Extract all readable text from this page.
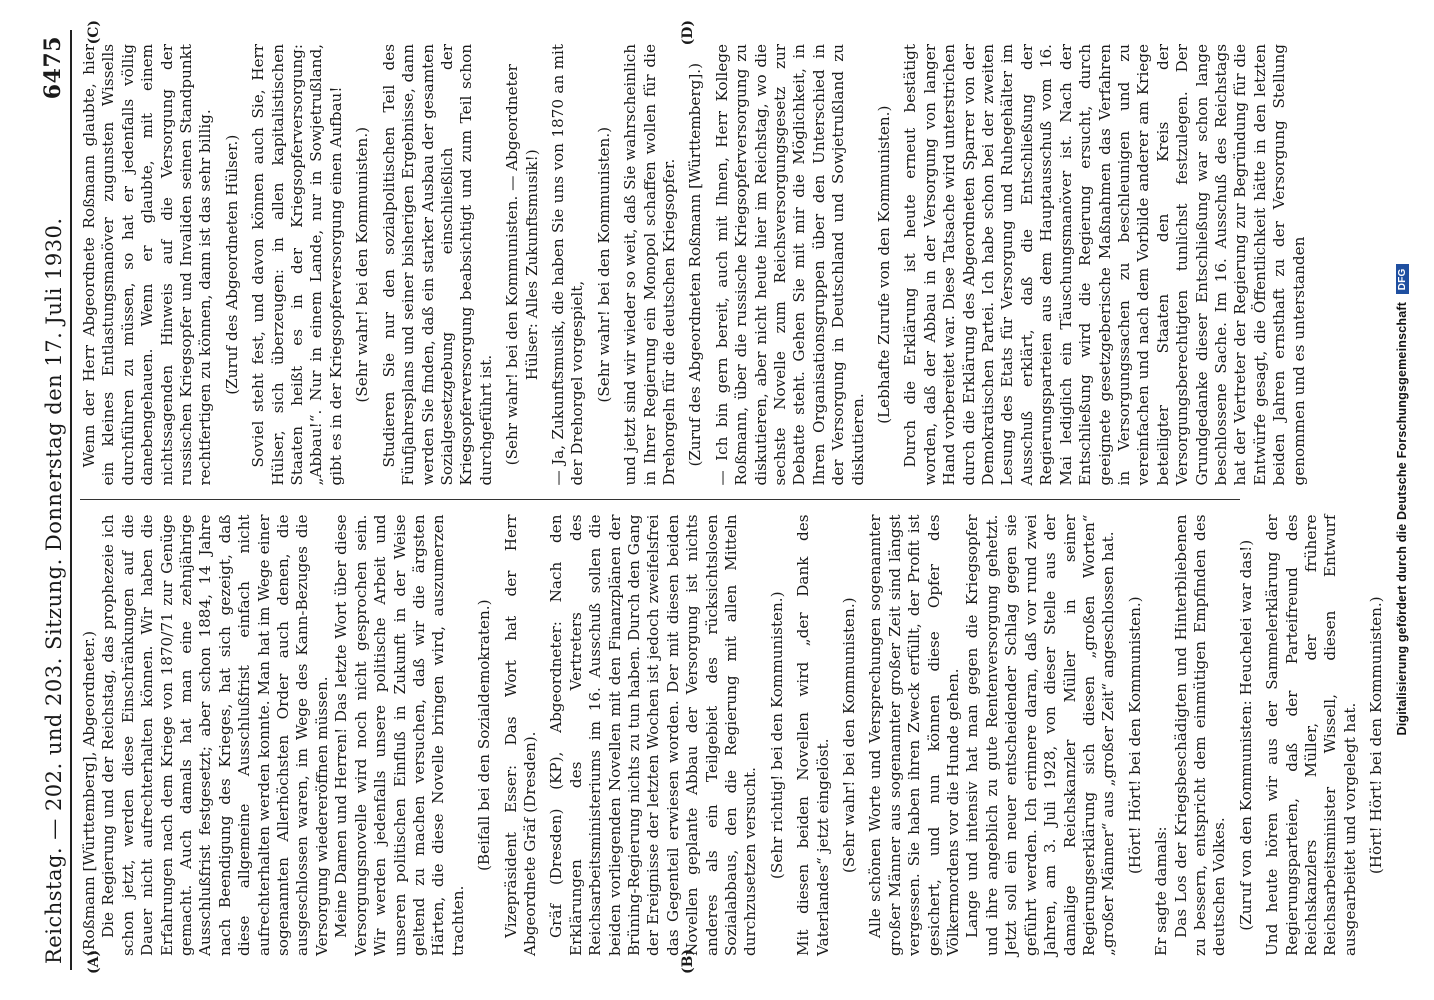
Reichstag. — 202. und 203. Sitzung. Donnerstag den 17. Juli 1930.
6475
(A)	(B)
(C)	(D)

(Roßmann [Württemberg], Abgeordneter.) Die Regierung und der Reichstag, das prophezeie ich schon jetzt, werden diese Einschränkungen auf die Dauer nicht aufrechterhalten können. Wir haben die Erfahrungen nach dem Kriege von 1870/71 zur Genüge gemacht. Auch damals hat man eine zehnjährige Ausschlußfrist festgesetzt; aber schon 1884, 14 Jahre nach Beendigung des Krieges, hat sich gezeigt, daß diese allgemeine Ausschlußfrist einfach nicht aufrechterhalten werden konnte. Man hat im Wege einer sogenannten Allerhöchsten Order auch denen, die ausgeschlossen waren, im Wege des Kann-Bezuges die Versorgung wiedereröffnen müssen. Meine Damen und Herren! Das letzte Wort über diese Versorgungsnovelle wird noch nicht gesprochen sein. Wir werden jedenfalls unsere politische Arbeit und unseren politischen Einfluß in Zukunft in der Weise geltend zu machen versuchen, daß wir die ärgsten Härten, die diese Novelle bringen wird, auszumerzen trachten.

(Beifall bei den Sozialdemokraten.) Vizepräsident Esser: Das Wort hat der Herr Abgeordnete Gräf (Dresden). Gräf (Dresden) (KP), Abgeordneter: Nach den Erklärungen des Vertreters des Reichsarbeitsministeriums im 16. Ausschuß sollen die beiden vorliegenden Novellen mit den Finanzplänen der Brüning-Regierung nichts zu tun haben. Durch den Gang der Ereignisse der letzten Wochen ist jedoch zweifelsfrei das Gegenteil erwiesen worden. Der mit diesen beiden Novellen geplante Abbau der Versorgung ist nichts anderes als ein Teilgebiet des rücksichtslosen Sozialabbaus, den die Regierung mit allen Mitteln durchzusetzen versucht. (Sehr richtig! bei den Kommunisten.) Mit diesen beiden Novellen wird „der Dank des Vaterlandes“ jetzt eingelöst. (Sehr wahr! bei den Kommunisten.) Alle schönen Worte und Versprechungen sogenannter großer Männer aus sogenannter großer Zeit sind längst vergessen. Sie haben ihren Zweck erfüllt, der Profit ist gesichert, und nun können diese Opfer des Völkermordens vor die Hunde gehen. Lange und intensiv hat man gegen die Kriegsopfer und ihre angeblich zu gute Rentenversorgung gehetzt. Jetzt soll ein neuer entscheidender Schlag gegen sie geführt werden. Ich erinnere daran, daß vor rund zwei Jahren, am 3. Juli 1928, von dieser Stelle aus der damalige Reichskanzler Müller in seiner Regierungserklärung sich diesen „großen Worten“ „großer Männer“ aus „großer Zeit“ angeschlossen hat. (Hört! Hört! bei den Kommunisten.)

Er sagte damals: Das Los der Kriegsbeschädigten und Hinterbliebenen zu bessern, entspricht dem einmütigen Empfinden des deutschen Volkes. (Zuruf von den Kommunisten: Heuchelei war das!) Und heute hören wir aus der Sammelerklärung der Regierungsparteien, daß der Parteifreund des Reichskanzlers Müller, der frühere Reichsarbeitsminister Wissell, diesen Entwurf ausgearbeitet und vorgelegt hat. (Hört! Hört! bei den Kommunisten.)

Wenn der Herr Abgeordnete Roßmann glaubte, hier ein kleines Entlastungsmanöver zugunsten Wissells durchführen zu müssen, so hat er jedenfalls völlig danebengehauen. Wenn er glaubte, mit einem nichtssagenden Hinweis auf die Versorgung der russischen Kriegsopfer und Invaliden seinen Standpunkt rechtfertigen zu können, dann ist das sehr billig. (Zuruf des Abgeordneten Hülser.) Soviel steht fest, und davon können auch Sie, Herr Hülser, sich überzeugen: in allen kapitalistischen Staaten heißt es in der Kriegsopferversorgung: „Abbau!“. Nur in einem Lande, nur in Sowjetrußland, gibt es in der Kriegsopferversorgung einen Aufbau! (Sehr wahr! bei den Kommunisten.) Studieren Sie nur den sozialpolitischen Teil des Fünfjahresplans und seiner bisherigen Ergebnisse, dann werden Sie finden, daß ein starker Ausbau der gesamten Sozialgesetzgebung einschließlich der Kriegsopferversorgung beabsichtigt und zum Teil schon durchgeführt ist. (Sehr wahr! bei den Kommunisten. — Abgeordneter Hülser: Alles Zukunftsmusik!) — Ja, Zukunftsmusik, die haben Sie uns von 1870 an mit der Drehorgel vorgespielt, (Sehr wahr! bei den Kommunisten.) und jetzt sind wir wieder so weit, daß Sie wahrscheinlich in Ihrer Regierung ein Monopol schaffen wollen für die Drehorgeln für die deutschen Kriegsopfer. (Zuruf des Abgeordneten Roßmann [Württemberg].) — Ich bin gern bereit, auch mit Ihnen, Herr Kollege Roßmann, über die russische Kriegsopferversorgung zu diskutieren, aber nicht heute hier im Reichstag, wo die sechste Novelle zum Reichsversorgungsgesetz zur Debatte steht. Gehen Sie mit mir die Möglichkeit, in Ihren Organisationsgruppen über den Unterschied in der Versorgung in Deutschland und Sowjetrußland zu diskutieren.

(Lebhafte Zurufe von den Kommunisten.) Durch die Erklärung ist heute erneut bestätigt worden, daß der Abbau in der Versorgung von langer Hand vorbereitet war. Diese Tatsache wird unterstrichen durch die Erklärung des Abgeordneten Sparrer von der Demokratischen Partei. Ich habe schon bei der zweiten Lesung des Etats für Versorgung und Ruhegehälter im Ausschuß erklärt, daß die Entschließung der Regierungsparteien aus dem Hauptausschuß vom 16. Mai lediglich ein Täuschungsmanöver ist. Nach der Entschließung wird die Regierung ersucht, durch geeignete gesetzgeberische Maßnahmen das Verfahren in Versorgungssachen zu beschleunigen und zu vereinfachen und nach dem Vorbilde anderer am Kriege beteiligter Staaten den Kreis der Versorgungsberechtigten tunlichst festzulegen. Der Grundgedanke dieser Entschließung war schon lange beschlossene Sache. Im 16. Ausschuß des Reichstags hat der Vertreter der Regierung zur Begründung für die Entwürfe gesagt, die Öffentlichkeit hätte in den letzten beiden Jahren ernsthaft zu der Versorgung Stellung genommen und es unterstanden	Digitalisierung gefördert durch die Deutsche Forschungsgemeinschaft DFG
